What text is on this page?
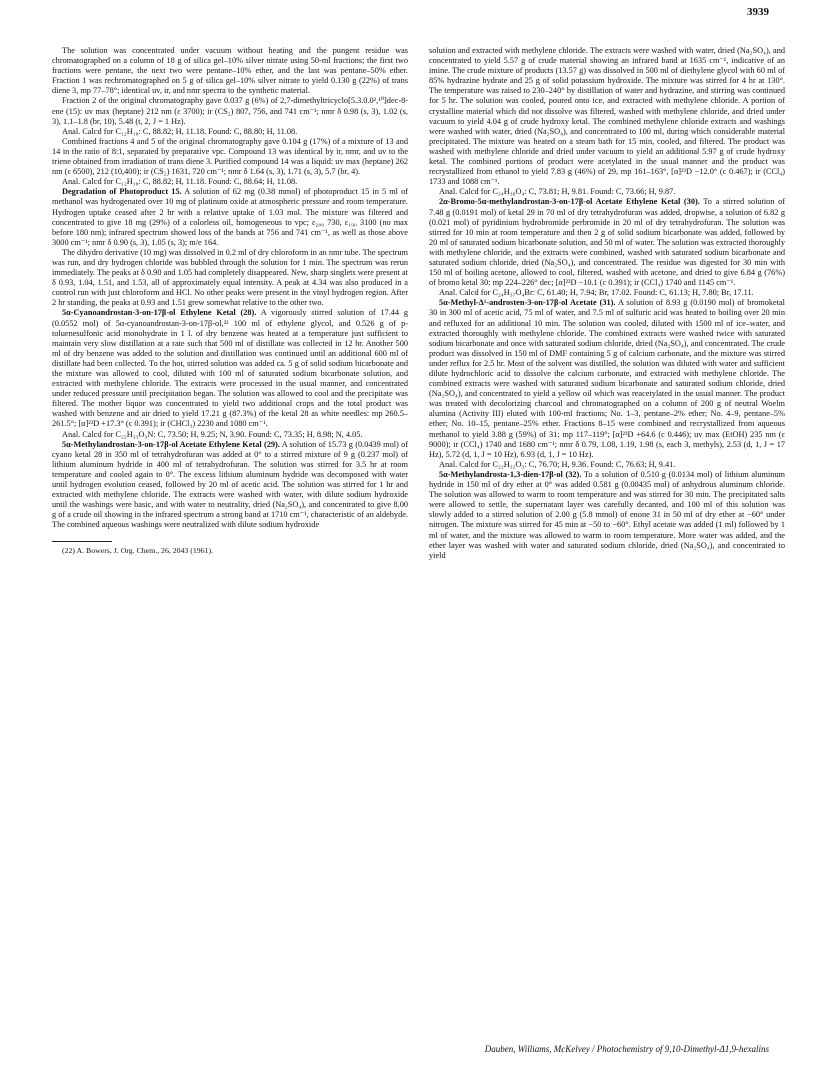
3939

The solution was concentrated under vacuum without heating and the pungent residue was chromatographed on a column of 18 g of silica gel–10% silver nitrate using 50-ml fractions; the first two fractions were pentane, the next two were pentane–10% ether, and the last was pentane–50% ether. Fraction 1 was rechromatographed on 5 g of silica gel–10% silver nitrate to yield 0.130 g (22%) of trans diene 3, mp 77–78°; identical uv, ir, and nmr spectra to the synthetic material.

Fraction 2 of the original chromatography gave 0.037 g (6%) of 2,7-dimethyltricyclo[5.3.0.0²,¹⁰]dec-8-ene (15): uv max (heptane) 212 nm (ε 3700); ir (CS₂) 807, 756, and 741 cm⁻¹; nmr δ 0.98 (s, 3), 1.02 (s, 3), 1.1–1.8 (br, 10), 5.48 (t, 2, J = 1 Hz).

Anal. Calcd for C₁₂H₁₈: C, 88.82; H, 11.18. Found: C, 88.80; H, 11.08.

Combined fractions 4 and 5 of the original chromatography gave 0.104 g (17%) of a mixture of 13 and 14 in the ratio of 8:1, separated by preparative vpc. Compound 13 was identical by ir, nmr, and uv to the triene obtained from irradiation of trans diene 3. Purified compound 14 was a liquid: uv max (heptane) 262 nm (ε 6500), 212 (10,400); ir (CS₂) 1631, 720 cm⁻¹; nmr δ 1.64 (s, 3), 1.71 (s, 3), 5.7 (br, 4).

Anal. Calcd for C₁₂H₁₈: C, 88.82; H, 11.18. Found: C, 88.64; H, 11.08.

Degradation of Photoproduct 15. A solution of 62 mg (0.38 mmol) of photoproduct 15 in 5 ml of methanol was hydrogenated over 10 mg of platinum oxide at atmospheric pressure and room temperature. Hydrogen uptake ceased after 2 hr with a relative uptake of 1.03 mol. The mixture was filtered and concentrated to give 18 mg (29%) of a colorless oil, homogeneous to vpc; ε₂₀₀ 730, ε₁₉₀ 3100 (no max before 180 nm); infrared spectrum showed loss of the bands at 756 and 741 cm⁻¹, as well as those above 3000 cm⁻¹; nmr δ 0.90 (s, 3), 1.05 (s, 3); m/e 164.

The dihydro derivative (10 mg) was dissolved in 0.2 ml of dry chloroform in an nmr tube. The spectrum was run, and dry hydrogen chloride was bubbled through the solution for 1 min. The spectrum was rerun immediately. The peaks at δ 0.90 and 1.05 had completely disappeared. New, sharp singlets were present at δ 0.93, 1.04, 1.51, and 1.53, all of approximately equal intensity. A peak at 4.34 was also produced in a control run with just chloroform and HCl. No other peaks were present in the vinyl hydrogen region. After 2 hr standing, the peaks at 0.93 and 1.51 grew somewhat relative to the other two.

5α-Cyanoandrostan-3-on-17β-ol Ethylene Ketal (28). A vigorously stirred solution of 17.44 g (0.0552 mol) of 5α-cyanoandrostan-3-on-17β-ol,²² 100 ml of ethylene glycol, and 0.526 g of p-toluenesulfonic acid monohydrate in 1 l. of dry benzene was heated at a temperature just sufficient to maintain very slow distillation at a rate such that 500 ml of distillate was collected in 12 hr. Another 500 ml of dry benzene was added to the solution and distillation was continued until an additional 600 ml of distillate had been collected. To the hot, stirred solution was added ca. 5 g of solid sodium bicarbonate and the mixture was allowed to cool, diluted with 100 ml of saturated sodium bicarbonate solution, and extracted with methylene chloride. The extracts were processed in the usual manner, and concentrated under reduced pressure until precipitation began. The solution was allowed to cool and the precipitate was filtered. The mother liquor was concentrated to yield two additional crops and the total product was washed with benzene and air dried to yield 17.21 g (87.3%) of the ketal 28 as white needles: mp 260.5–261.5°; [α]²³D +17.3° (c 0.391); ir (CHCl₃) 2230 and 1080 cm⁻¹.

Anal. Calcd for C₂₂H₃₃O₃N: C, 73.50; H, 9.25; N, 3.90. Found: C, 73.35; H, 8.98; N, 4.05.

5α-Methylandrostan-3-on-17β-ol Acetate Ethylene Ketal (29). A solution of 15.73 g (0.0439 mol) of cyano ketal 28 in 350 ml of tetrahydrofuran was added at 0° to a stirred mixture of 9 g (0.237 mol) of lithium aluminum hydride in 400 ml of tetrahydrofuran. The solution was stirred for 3.5 hr at room temperature and cooled again to 0°. The excess lithium aluminum hydride was decomposed with water until hydrogen evolution ceased, followed by 20 ml of acetic acid. The solution was stirred for 1 hr and extracted with methylene chloride. The extracts were washed with water, with dilute sodium hydroxide until the washings were basic, and with water to neutrality, dried (Na₂SO₄), and concentrated to give 8.00 g of a crude oil showing in the infrared spectrum a strong band at 1710 cm⁻¹, characteristic of an aldehyde. The combined aqueous washings were neutralized with dilute sodium hydroxide

(22) A. Bowers, J. Org. Chem., 26, 2043 (1961).

solution and extracted with methylene chloride. The extracts were washed with water, dried (Na₂SO₄), and concentrated to yield 5.57 g of crude material showing an infrared band at 1635 cm⁻¹, indicative of an imine. The crude mixture of products (13.57 g) was dissolved in 500 ml of diethylene glycol with 60 ml of 85% hydrazine hydrate and 25 g of solid potassium hydroxide. The mixture was stirred for 4 hr at 130°. The temperature was raised to 230–240° by distillation of water and hydrazine, and stirring was continued for 5 hr. The solution was cooled, poured onto ice, and extracted with methylene chloride. A portion of crystalline material which did not dissolve was filtered, washed with methylene chloride, and dried under vacuum to yield 4.04 g of crude hydroxy ketal. The combined methylene chloride extracts and washings were washed with water, dried (Na₂SO₄), and concentrated to 100 ml, during which considerable material precipitated. The mixture was heated on a steam bath for 15 min, cooled, and filtered. The product was washed with methylene chloride and dried under vacuum to yield an additional 5.97 g of crude hydroxy ketal. The combined portions of product were acetylated in the usual manner and the product was recrystallized from ethanol to yield 7.83 g (46%) of 29, mp 161–163°, [α]²³D −12.0° (c 0.467); ir (CCl₄) 1733 and 1088 cm⁻¹.

Anal. Calcd for C₂₄H₃₈O₄: C, 73.81; H, 9.81. Found: C, 73.66; H, 9.87.

2α-Bromo-5α-methylandrostan-3-on-17β-ol Acetate Ethylene Ketal (30). To a stirred solution of 7.48 g (0.0191 mol) of ketal 29 in 70 ml of dry tetrahydrofuran was added, dropwise, a solution of 6.82 g (0.021 mol) of pyridinium hydrobromide perbromide in 20 ml of dry tetrahydrofuran. The solution was stirred for 10 min at room temperature and then 2 g of solid sodium bicarbonate was added, followed by 20 ml of saturated sodium bicarbonate solution, and 50 ml of water. The solution was extracted thoroughly with methylene chloride, and the extracts were combined, washed with saturated sodium bicarbonate and saturated sodium chloride, dried (Na₂SO₄), and concentrated. The residue was digested for 30 min with 150 ml of boiling acetone, allowed to cool, filtered, washed with acetone, and dried to give 6.84 g (76%) of bromo ketal 30: mp 224–226° dec; [α]²³D −10.1 (c 0.391); ir (CCl₄) 1740 and 1145 cm⁻¹.

Anal. Calcd for C₂₄H₃₇O₄Br: C, 61.40; H, 7.94; Br, 17.02. Found: C, 61.13; H, 7.80; Br, 17.11.

5α-Methyl-Δ¹-androsten-3-on-17β-ol Acetate (31). A solution of 8.93 g (0.0190 mol) of bromoketal 30 in 300 ml of acetic acid, 75 ml of water, and 7.5 ml of sulfuric acid was heated to boiling over 20 min and refluxed for an additional 10 min. The solution was cooled, diluted with 1500 ml of ice–water, and extracted thoroughly with methylene chloride. The combined extracts were washed twice with saturated sodium bicarbonate and once with saturated sodium chloride, dried (Na₂SO₄), and concentrated. The crude product was dissolved in 150 ml of DMF containing 5 g of calcium carbonate, and the mixture was stirred under reflux for 2.5 hr. Most of the solvent was distilled, the solution was diluted with water and sufficient dilute hydrochloric acid to dissolve the calcium carbonate, and extracted with methylene chloride. The combined extracts were washed with saturated sodium bicarbonate and saturated sodium chloride, dried (Na₂SO₄), and concentrated to yield a yellow oil which was reacetylated in the usual manner. The product was treated with decolorizing charcoal and chromatographed on a column of 200 g of neutral Woelm alumina (Activity III) eluted with 100-ml fractions; No. 1–3, pentane–2% ether; No. 4–9, pentane–5% ether; No. 10–15, pentane–25% ether. Fractions 8–15 were combined and recrystallized from aqueous methanol to yield 3.88 g (59%) of 31: mp 117–119°; [α]²³D +64.6 (c 0.446); uv max (EtOH) 235 nm (ε 9000); ir (CCl₄) 1740 and 1680 cm⁻¹; nmr δ 0.79, 1.08, 1.19, 1.98 (s, each 3, methyls), 2.53 (d, 1, J = 17 Hz), 5.72 (d, 1, J = 10 Hz), 6.93 (d, 1, J = 10 Hz).

Anal. Calcd for C₂₂H₃₂O₃: C, 76.70; H, 9.36. Found: C, 76.63; H, 9.41.

5α-Methylandrosta-1,3-dien-17β-ol (32). To a solution of 0.510 g (0.0134 mol) of lithium aluminum hydride in 150 ml of dry ether at 0° was added 0.581 g (0.00435 mol) of anhydrous aluminum chloride. The solution was allowed to warm to room temperature and was stirred for 30 min. The precipitated salts were allowed to settle, the supernatant layer was carefully decanted, and 100 ml of this solution was slowly added to a stirred solution of 2.00 g (5.8 mmol) of enone 31 in 50 ml of dry ether at −60° under nitrogen. The mixture was stirred for 45 min at −50 to −60°. Ethyl acetate was added (1 ml) followed by 1 ml of water, and the mixture was allowed to warm to room temperature. More water was added, and the ether layer was washed with water and saturated sodium chloride, dried (Na₂SO₄), and concentrated to yield

Dauben, Williams, McKelvey / Photochemistry of 9,10-Dimethyl-Δ1,9-hexalins
